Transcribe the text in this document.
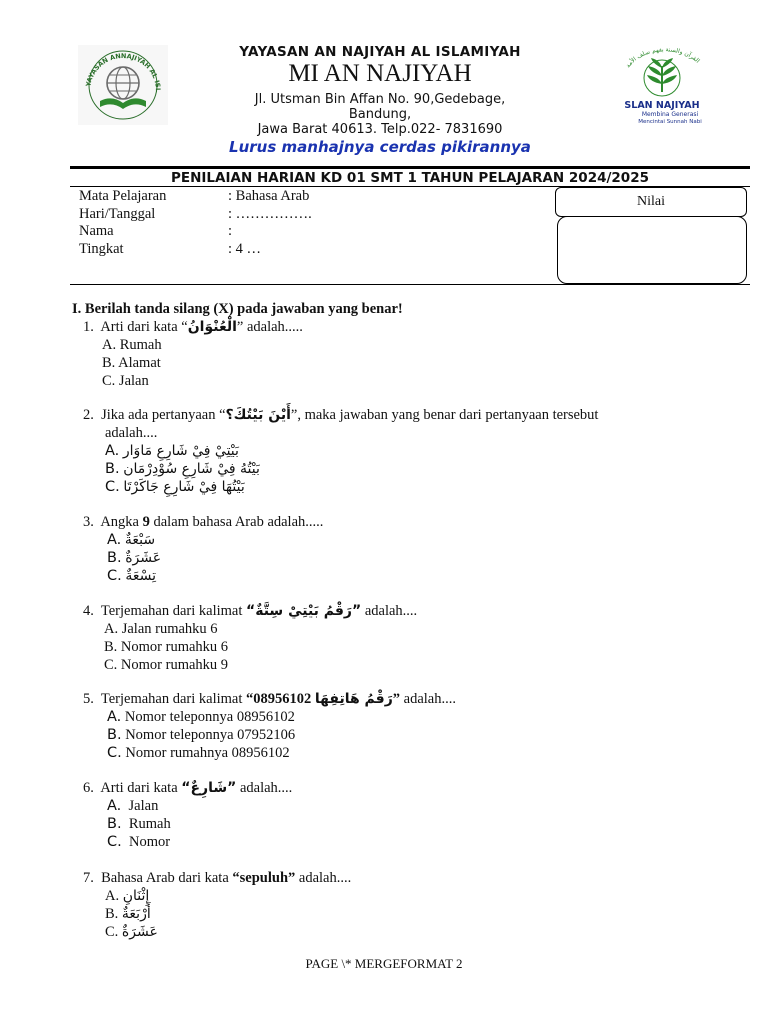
YAYASAN ANNAJIYAH AL ISL
YAYASAN AN NAJIYAH AL ISLAMIYAH
MI AN NAJIYAH
Jl. Utsman Bin Affan No. 90,Gedebage,
Bandung,
Jawa Barat 40613. Telp.022- 7831690
Lurus manhajnya cerdas pikirannya
القرآن والسنة بفهم سلف الأمة
SLAN NAJIYAH
Membina Generasi
Mencintai Sunnah Nabi
PENILAIAN HARIAN KD 01 SMT 1 TAHUN PELAJARAN 2024/2025
Mata Pelajaran
Hari/Tanggal
Nama
Tingkat
: Bahasa Arab
: …………….
:
: 4 …
Nilai
I. Berilah tanda silang (X) pada jawaban yang benar!
1. Arti dari kata “الْعُنْوَانُ” adalah.....
A. Rumah
B. Alamat
C. Jalan
2. Jika ada pertanyaan “أَيْنَ بَيْتُكَ؟”, maka jawaban yang benar dari pertanyaan tersebut
adalah....
A. بَيْتِيْ فِيْ شَارِعِ مَاوَار
B. بَيْتُهُ فِيْ شَارِعِ سُوْدِرْمَان
C. بَيْتُهَا فِيْ شَارِعِ جَاكَرْتَا
3. Angka 9 dalam bahasa Arab adalah.....
A. سَبْعَةٌ
B. عَشَرَةٌ
C. تِسْعَةٌ
4. Terjemahan dari kalimat “رَقْمُ بَيْتِيْ سِتَّةٌ” adalah....
A. Jalan rumahku 6
B. Nomor rumahku 6
C. Nomor rumahku 9
5. Terjemahan dari kalimat “08956102 رَقْمُ هَاتِفِهَا” adalah....
A. Nomor teleponnya 08956102
B. Nomor teleponnya 07952106
C. Nomor rumahnya 08956102
6. Arti dari kata “شَارِعٌ” adalah....
A. Jalan
B. Rumah
C. Nomor
7. Bahasa Arab dari kata “sepuluh” adalah....
A. إِثْنَانِ
B. أَرْبَعَةٌ
C. عَشَرَةٌ
PAGE \* MERGEFORMAT 2
